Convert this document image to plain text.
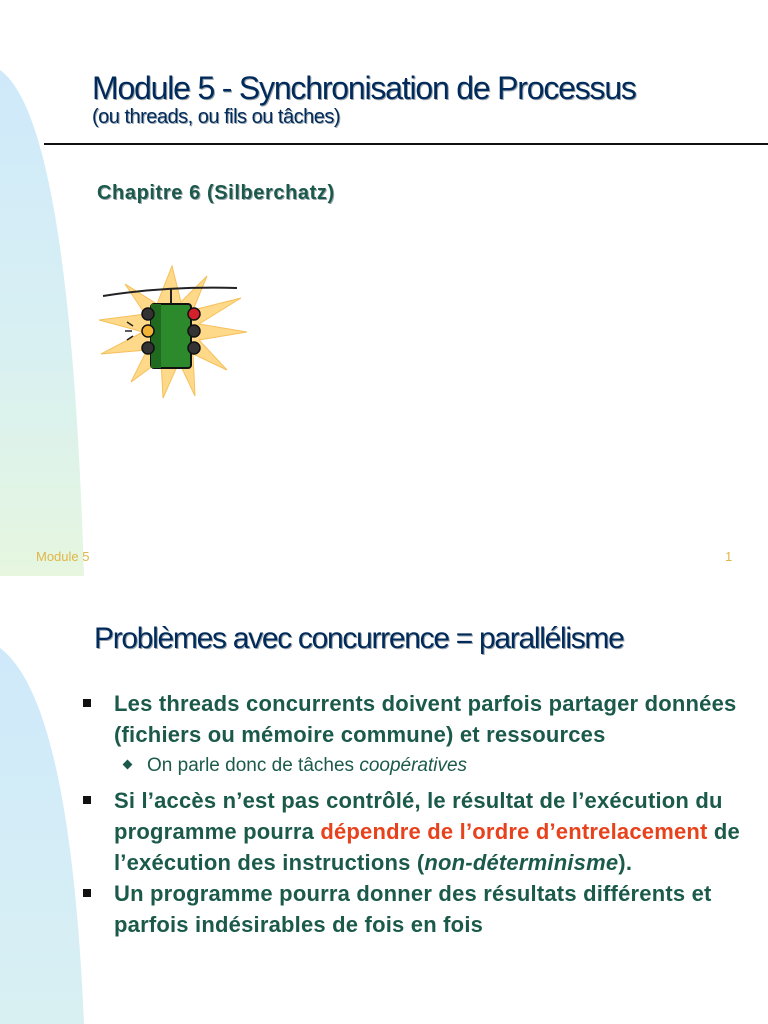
Module 5 - Synchronisation de Processus
(ou threads, ou fils ou tâches)
Chapitre 6 (Silberchatz)
Module 5	1
Problèmes avec concurrence = parallélisme
Les threads concurrents doivent parfois partager données (fichiers ou mémoire commune) et ressources
On parle donc de tâches coopératives
Si l’accès n’est pas contrôlé, le résultat de l’exécution du programme pourra dépendre de l’ordre d’entrelacement de l’exécution des instructions (non-déterminisme).
Un programme pourra donner des résultats différents et parfois indésirables de fois en fois
